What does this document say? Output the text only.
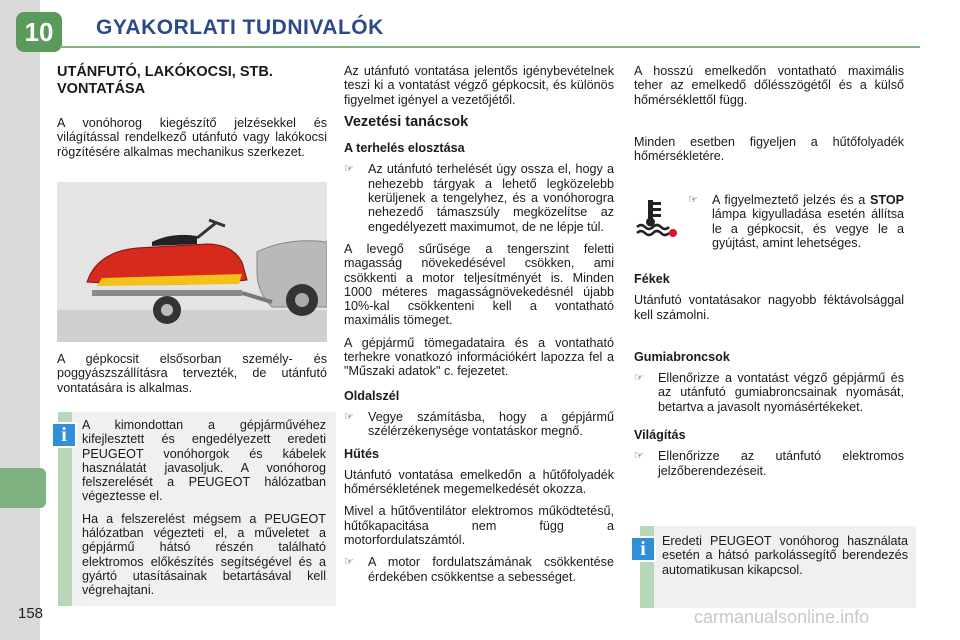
10	GYAKORLATI TUDNIVALÓK
UTÁNFUTÓ, LAKÓKOCSI, STB. VONTATÁSA

A vonóhorog kiegészítő jelzésekkel és világítással rendelkező utánfutó vagy lakókocsi rögzítésére alkalmas mechanikus szerkezet.

A gépkocsit elsősorban személy- és poggyászszállításra tervezték, de utánfutó vontatására is alkalmas.

A kimondottan a gépjárművéhez kifejlesztett és engedélyezett eredeti PEUGEOT vonóhorgok és kábelek használatát javasoljuk. A vonóhorog felszerelését a PEUGEOT hálózatban végeztesse el.

Ha a felszerelést mégsem a PEUGEOT hálózatban végezteti el, a műveletet a gépjármű hátsó részén található elektromos előkészítés segítségével és a gyártó utasításainak betartásával kell végrehajtani.

i

Az utánfutó vontatása jelentős igénybevételnek teszi ki a vontatást végző gépkocsit, és különös figyelmet igényel a vezetőjétől.

Vezetési tanácsok
A terhelés elosztása
☞ Az utánfutó terhelését úgy ossza el, hogy a nehezebb tárgyak a lehető legközelebb kerüljenek a tengelyhez, és a vonóhorogra nehezedő támaszsúly megközelítse az engedélyezett maximumot, de ne lépje túl.

A levegő sűrűsége a tengerszint feletti magasság növekedésével csökken, ami csökkenti a motor teljesítményét is. Minden 1000 méteres magasságnövekedésnél újabb 10%-kal csökkenteni kell a vontatható maximális tömeget.

A gépjármű tömegadataira és a vontatható terhekre vonatkozó információkért lapozza fel a "Műszaki adatok" c. fejezetet.

Oldalszél
☞ Vegye számításba, hogy a gépjármű szélérzékenysége vontatáskor megnő.
Hűtés

Utánfutó vontatása emelkedőn a hűtőfolyadék hőmérsékletének megemelkedését okozza.

Mivel a hűtőventilátor elektromos működtetésű, hűtőkapacitása nem függ a motorfordulatszámtól.

☞ A motor fordulatszámának csökkentése érdekében csökkentse a sebességet.

A hosszú emelkedőn vontatható maximális teher az emelkedő dőlésszögétől és a külső hőmérséklettől függ.

Minden esetben figyeljen a hűtőfolyadék hőmérsékletére.

☞ A figyelmeztető jelzés és a STOP lámpa kigyulladása esetén állítsa le a gépkocsit, és vegye le a gyújtást, amint lehetséges.
Fékek

Utánfutó vontatásakor nagyobb féktávolsággal kell számolni.

Gumiabroncsok
☞ Ellenőrizze a vontatást végző gépjármű és az utánfutó gumiabroncsainak nyomását, betartva a javasolt nyomásértékeket.
Világítás
☞ Ellenőrizze az utánfutó elektromos jelzőberendezéseit.

Eredeti PEUGEOT vonóhorog használata esetén a hátsó parkolássegítő berendezés automatikusan kikapcsol.

i
158	carmanualsonline.info
